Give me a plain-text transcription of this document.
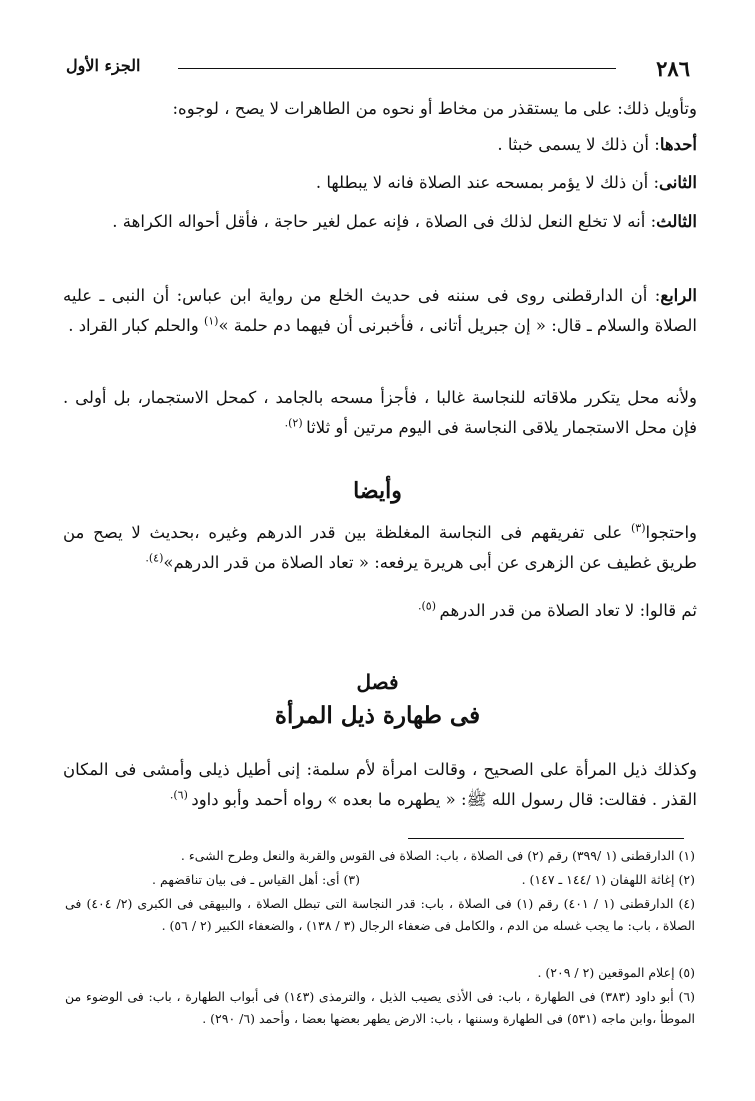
٢٨٦
الجزء الأول
وتأويل ذلك: على ما يستقذر من مخاط أو نحوه من الطاهرات لا يصح ، لوجوه:
أحدها: أن ذلك لا يسمى خبثا .
الثانى: أن ذلك لا يؤمر بمسحه عند الصلاة فانه لا يبطلها .
الثالث: أنه لا تخلع النعل لذلك فى الصلاة ، فإنه عمل لغير حاجة ، فأقل أحواله الكراهة .
الرابع: أن الدارقطنى روى فى سننه فى حديث الخلع من رواية ابن عباس: أن النبى ـ عليه الصلاة والسلام ـ قال: « إن جبريل أتانى ، فأخبرنى أن فيهما دم حلمة »$^{(١)}$ والحلم كبار القراد .
ولأنه محل يتكرر ملاقاته للنجاسة غالبا ، فأجزأ مسحه بالجامد ، كمحل الاستجمار، بل أولى . فإن محل الاستجمار يلاقى النجاسة فى اليوم مرتين أو ثلاثا $^{(٢).}$
وأيضا
واحتجوا$^{(٣)}$ على تفريقهم فى النجاسة المغلظة بين قدر الدرهم وغيره ،بحديث لا يصح من طريق غطيف عن الزهرى عن أبى هريرة يرفعه: « تعاد الصلاة من قدر الدرهم»$^{(٤).}$
ثم قالوا: لا تعاد الصلاة من قدر الدرهم $^{(٥).}$
فصل
فى طهارة ذيل المرأة
وكذلك ذيل المرأة على الصحيح ، وقالت امرأة لأم سلمة: إنى أطيل ذيلى وأمشى فى المكان القذر . فقالت: قال رسول الله ﷺ: « يطهره ما بعده » رواه أحمد وأبو داود $^{(٦).}$
(١) الدارقطنى (١ /٣٩٩) رقم (٢) فى الصلاة ، باب: الصلاة فى القوس والقربة والنعل وطرح الشىء .
(٢) إغاثة اللهفان (١ /١٤٤ ـ ١٤٧) .
(٣) أى: أهل القياس ـ فى بيان تناقضهم .
(٤) الدارقطنى (١ / ٤٠١) رقم (١) فى الصلاة ، باب: قدر النجاسة التى تبطل الصلاة ، والبيهقى فى الكبرى (٢/ ٤٠٤) فى الصلاة ، باب: ما يجب غسله من الدم ، والكامل فى ضعفاء الرجال (٣ / ١٣٨) ، والضعفاء الكبير (٢ / ٥٦) .
(٥) إعلام الموقعين (٢ / ٢٠٩) .
(٦) أبو داود (٣٨٣) فى الطهارة ، باب: فى الأذى يصيب الذيل ، والترمذى (١٤٣) فى أبواب الطهارة ، باب: فى الوضوء من الموطأ ،وابن ماجه (٥٣١) فى الطهارة وسننها ، باب: الارض يطهر بعضها بعضا ، وأحمد (٦/ ٢٩٠) .
